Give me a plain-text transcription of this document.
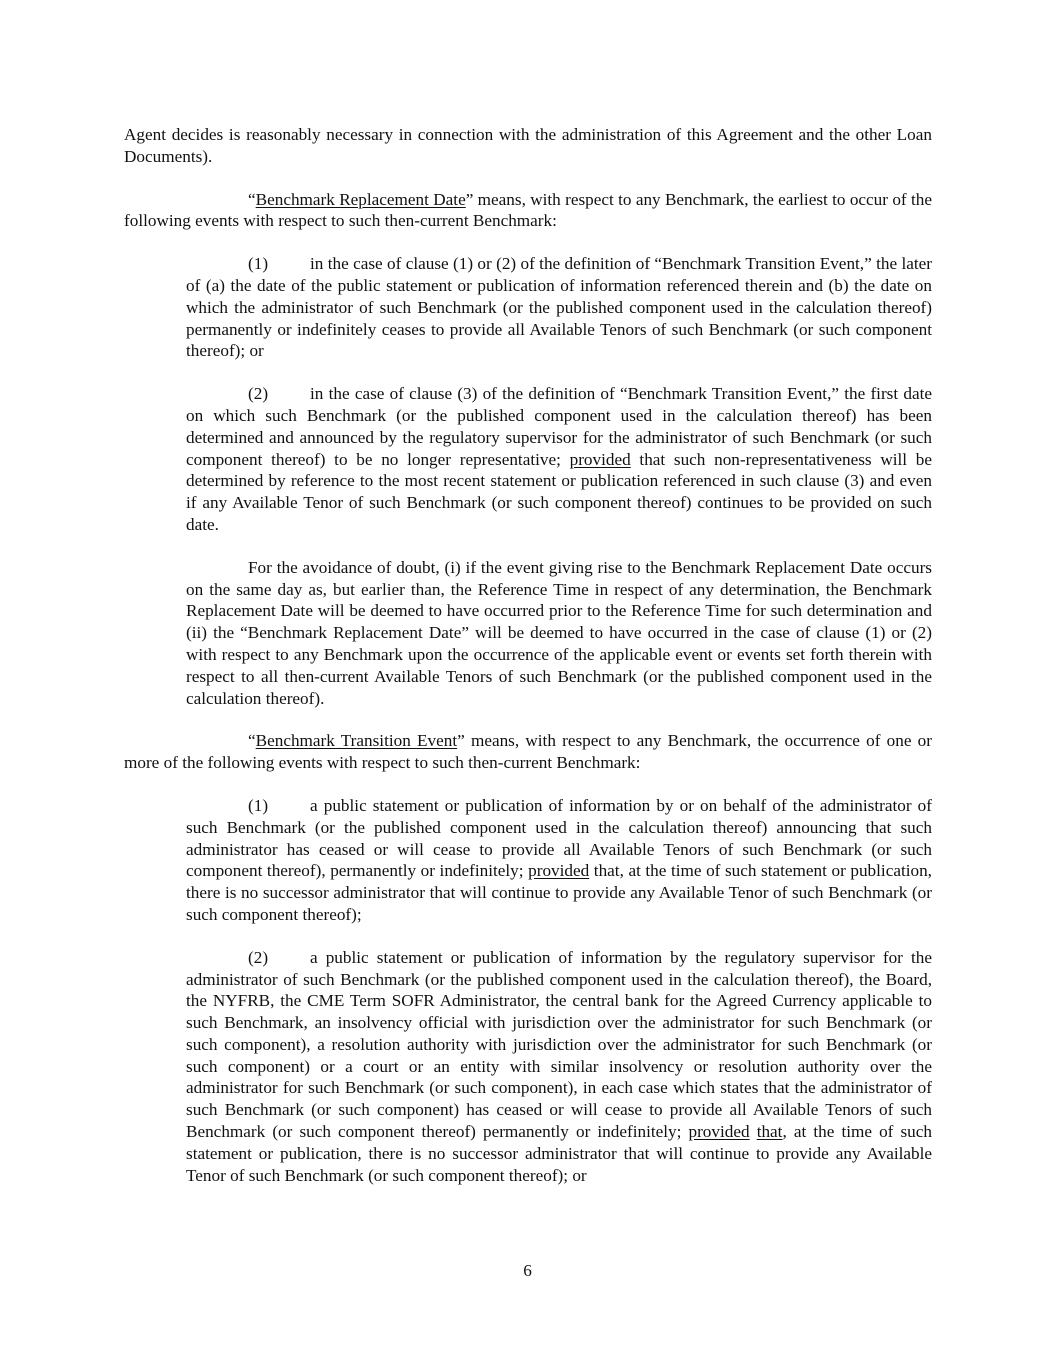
Agent decides is reasonably necessary in connection with the administration of this Agreement and the other Loan Documents).

“Benchmark Replacement Date” means, with respect to any Benchmark, the earliest to occur of the following events with respect to such then-current Benchmark:

(1) in the case of clause (1) or (2) of the definition of “Benchmark Transition Event,” the later of (a) the date of the public statement or publication of information referenced therein and (b) the date on which the administrator of such Benchmark (or the published component used in the calculation thereof) permanently or indefinitely ceases to provide all Available Tenors of such Benchmark (or such component thereof); or

(2) in the case of clause (3) of the definition of “Benchmark Transition Event,” the first date on which such Benchmark (or the published component used in the calculation thereof) has been determined and announced by the regulatory supervisor for the administrator of such Benchmark (or such component thereof) to be no longer representative; provided that such non-representativeness will be determined by reference to the most recent statement or publication referenced in such clause (3) and even if any Available Tenor of such Benchmark (or such component thereof) continues to be provided on such date.

For the avoidance of doubt, (i) if the event giving rise to the Benchmark Replacement Date occurs on the same day as, but earlier than, the Reference Time in respect of any determination, the Benchmark Replacement Date will be deemed to have occurred prior to the Reference Time for such determination and (ii) the “Benchmark Replacement Date” will be deemed to have occurred in the case of clause (1) or (2) with respect to any Benchmark upon the occurrence of the applicable event or events set forth therein with respect to all then-current Available Tenors of such Benchmark (or the published component used in the calculation thereof).

“Benchmark Transition Event” means, with respect to any Benchmark, the occurrence of one or more of the following events with respect to such then-current Benchmark:

(1) a public statement or publication of information by or on behalf of the administrator of such Benchmark (or the published component used in the calculation thereof) announcing that such administrator has ceased or will cease to provide all Available Tenors of such Benchmark (or such component thereof), permanently or indefinitely; provided that, at the time of such statement or publication, there is no successor administrator that will continue to provide any Available Tenor of such Benchmark (or such component thereof);

(2) a public statement or publication of information by the regulatory supervisor for the administrator of such Benchmark (or the published component used in the calculation thereof), the Board, the NYFRB, the CME Term SOFR Administrator, the central bank for the Agreed Currency applicable to such Benchmark, an insolvency official with jurisdiction over the administrator for such Benchmark (or such component), a resolution authority with jurisdiction over the administrator for such Benchmark (or such component) or a court or an entity with similar insolvency or resolution authority over the administrator for such Benchmark (or such component), in each case which states that the administrator of such Benchmark (or such component) has ceased or will cease to provide all Available Tenors of such Benchmark (or such component thereof) permanently or indefinitely; provided that, at the time of such statement or publication, there is no successor administrator that will continue to provide any Available Tenor of such Benchmark (or such component thereof); or

6
